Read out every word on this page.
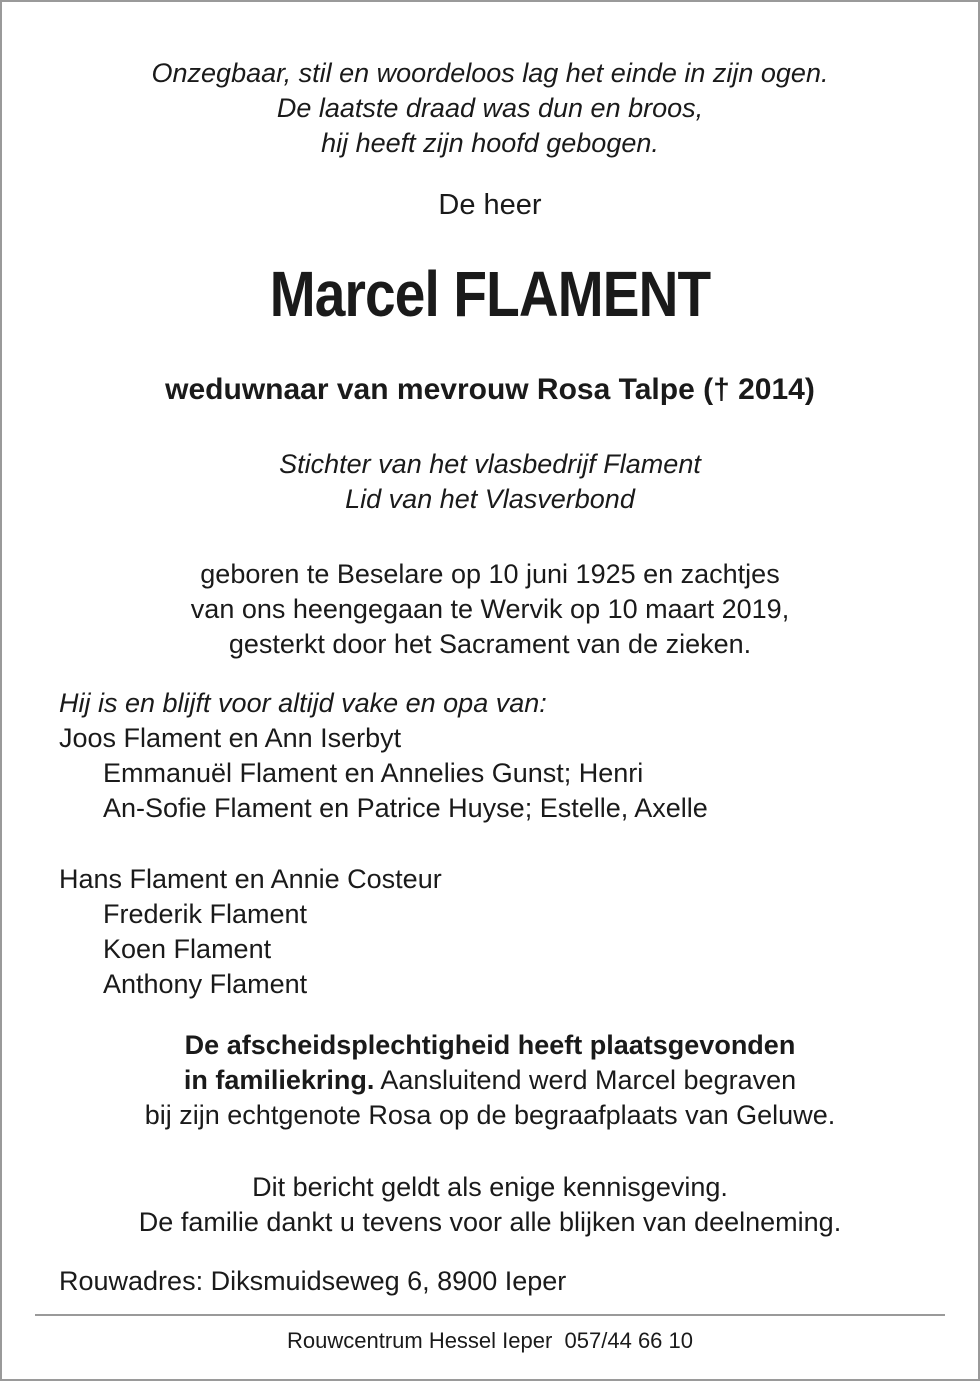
Onzegbaar, stil en woordeloos lag het einde in zijn ogen.
De laatste draad was dun en broos,
hij heeft zijn hoofd gebogen.
De heer
Marcel FLAMENT
weduwnaar van mevrouw Rosa Talpe († 2014)
Stichter van het vlasbedrijf Flament
Lid van het Vlasverbond
geboren te Beselare op 10 juni 1925 en zachtjes
van ons heengegaan te Wervik op 10 maart 2019,
gesterkt door het Sacrament van de zieken.
Hij is en blijft voor altijd vake en opa van:
Joos Flament en Ann Iserbyt
Emmanuël Flament en Annelies Gunst; Henri
An-Sofie Flament en Patrice Huyse; Estelle, Axelle
Hans Flament en Annie Costeur
Frederik Flament
Koen Flament
Anthony Flament
De afscheidsplechtigheid heeft plaatsgevonden
in familiekring. Aansluitend werd Marcel begraven
bij zijn echtgenote Rosa op de begraafplaats van Geluwe.
Dit bericht geldt als enige kennisgeving.
De familie dankt u tevens voor alle blijken van deelneming.
Rouwadres: Diksmuidseweg 6, 8900 Ieper
Rouwcentrum Hessel Ieper  057/44 66 10
